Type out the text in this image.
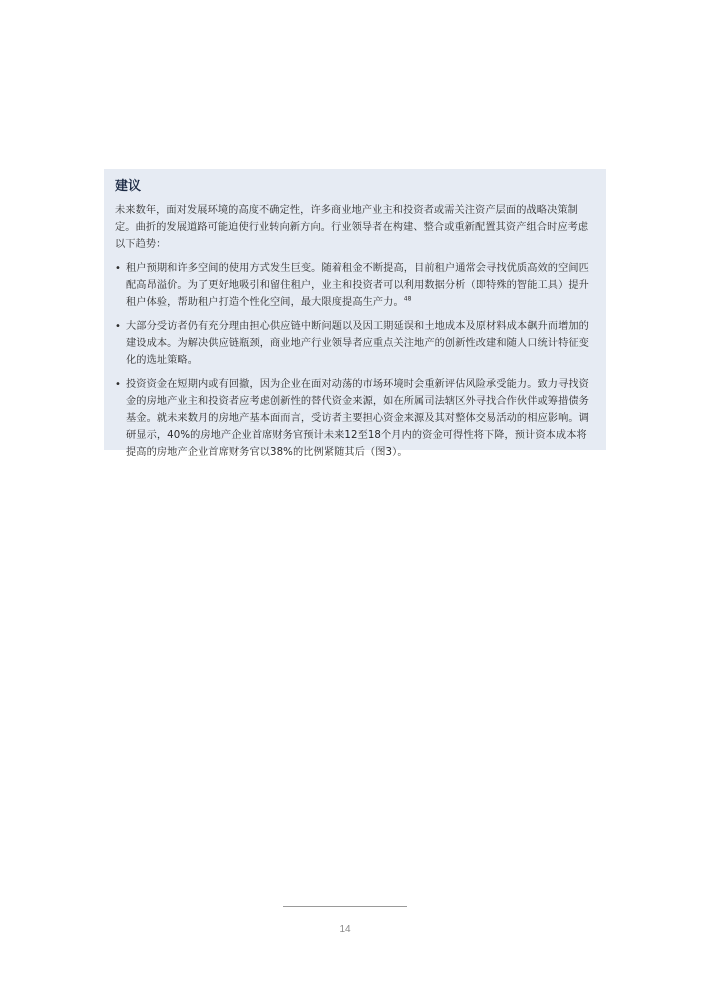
建议

未来数年，面对发展环境的高度不确定性，许多商业地产业主和投资者或需关注资产层面的战略决策制定。曲折的发展道路可能迫使行业转向新方向。行业领导者在构建、整合或重新配置其资产组合时应考虑以下趋势：

• 租户预期和许多空间的使用方式发生巨变。随着租金不断提高，目前租户通常会寻找优质高效的空间匹配高昂溢价。为了更好地吸引和留住租户，业主和投资者可以利用数据分析（即特殊的智能工具）提升租户体验，帮助租户打造个性化空间，最大限度提高生产力。$^{48}$
• 大部分受访者仍有充分理由担心供应链中断问题以及因工期延误和土地成本及原材料成本飙升而增加的建设成本。为解决供应链瓶颈，商业地产行业领导者应重点关注地产的创新性改建和随人口统计特征变化的选址策略。
• 投资资金在短期内或有回撤，因为企业在面对动荡的市场环境时会重新评估风险承受能力。致力寻找资金的房地产业主和投资者应考虑创新性的替代资金来源，如在所属司法辖区外寻找合作伙伴或筹措债务基金。就未来数月的房地产基本面而言，受访者主要担心资金来源及其对整体交易活动的相应影响。调研显示，40%的房地产企业首席财务官预计未来12至18个月内的资金可得性将下降，预计资本成本将提高的房地产企业首席财务官以38%的比例紧随其后（图3）。
14
